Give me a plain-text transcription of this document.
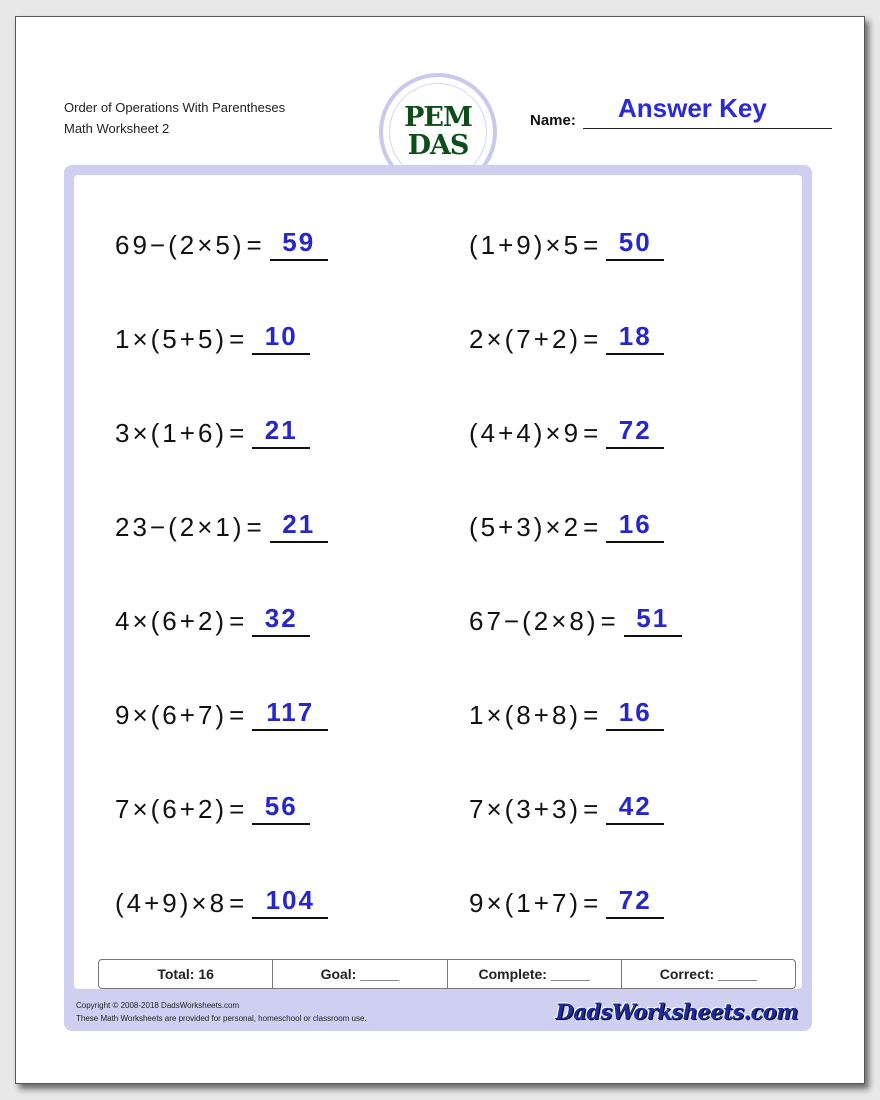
Order of Operations With Parentheses
Math Worksheet 2	PEM
DAS
Name: Answer Key
69−(2×5) = 59
1×(5+5) = 10
3×(1+6) = 21
23−(2×1) = 21
4×(6+2) = 32
9×(6+7) = 117
7×(6+2) = 56
(4+9)×8 = 104
(1+9)×5 = 50
2×(7+2) = 18
(4+4)×9 = 72
(5+3)×2 = 16
67−(2×8) = 51
1×(8+8) = 16
7×(3+3) = 42
9×(1+7) = 72
Total: 16	Goal: _____	Complete: _____	Correct: _____
Copyright © 2008-2018 DadsWorksheets.com
These Math Worksheets are provided for personal, homeschool or classroom use.	DadsWorksheets.com
